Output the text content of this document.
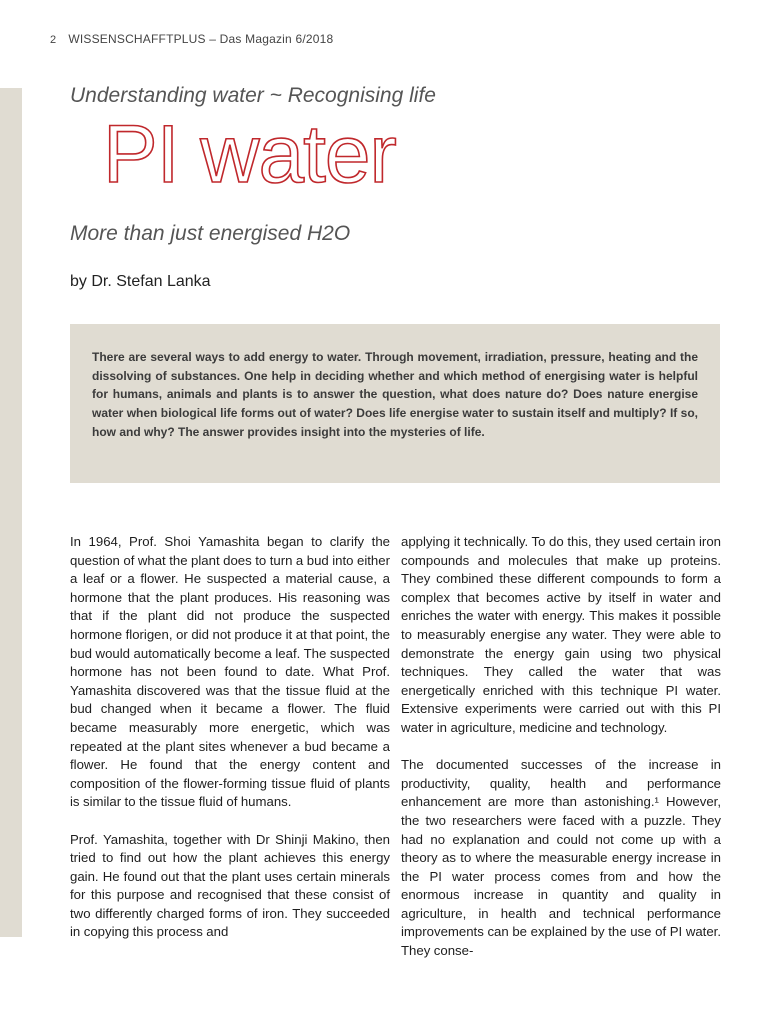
2 WISSENSCHAFFTPLUS – Das Magazin 6/2018
Understanding water ~ Recognising life
PI water
More than just energised H2O
by Dr. Stefan Lanka

There are several ways to add energy to water. Through movement, irradiation, pressure, heating and the dissolving of substances. One help in deciding whether and which method of energising water is helpful for humans, animals and plants is to answer the question, what does nature do? Does nature energise water when biological life forms out of water? Does life energise water to sustain itself and multiply? If so, how and why? The answer provides insight into the mysteries of life.

In 1964, Prof. Shoi Yamashita began to clarify the question of what the plant does to turn a bud into either a leaf or a flower. He suspected a material cause, a hormone that the plant produces. His reasoning was that if the plant did not produce the suspected hormone florigen, or did not produce it at that point, the bud would automatically become a leaf. The suspected hormone has not been found to date. What Prof. Yamashita discovered was that the tissue fluid at the bud changed when it became a flower. The fluid became measurably more energetic, which was repeated at the plant sites whenever a bud became a flower. He found that the energy content and composition of the flower-forming tissue fluid of plants is similar to the tissue fluid of humans.

Prof. Yamashita, together with Dr Shinji Makino, then tried to find out how the plant achieves this energy gain. He found out that the plant uses certain minerals for this purpose and recognised that these consist of two differently charged forms of iron. They succeeded in copying this process and

applying it technically. To do this, they used certain iron compounds and molecules that make up proteins. They combined these different compounds to form a complex that becomes active by itself in water and enriches the water with energy. This makes it possible to measurably energise any water. They were able to demonstrate the energy gain using two physical techniques. They called the water that was energetically enriched with this technique PI water. Extensive experiments were carried out with this PI water in agriculture, medicine and technology.

The documented successes of the increase in productivity, quality, health and performance enhancement are more than astonishing.¹ However, the two researchers were faced with a puzzle. They had no explanation and could not come up with a theory as to where the measurable energy increase in the PI water process comes from and how the enormous increase in quantity and quality in agriculture, in health and technical performance improvements can be explained by the use of PI water. They conse-
